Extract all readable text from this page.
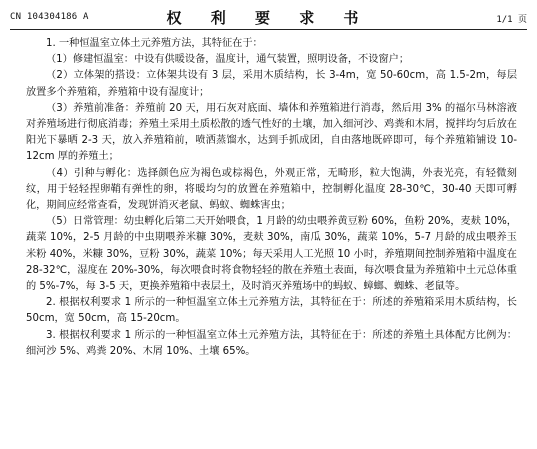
CN 104304186 A	权 利 要 求 书	1/1 页

1. 一种恒温室立体土元养殖方法，其特征在于：

（1）修建恒温室：中设有供暖设备，温度计，通气装置，照明设备，不设窗户；

（2）立体架的搭设：立体架共设有 3 层，采用木质结构，长 3-4m，宽 50-60cm，高 1.5-2m，每层放置多个养殖箱，养殖箱中设有湿度计；

（3）养殖前准备：养殖前 20 天，用石灰对底面、墙体和养殖箱进行消毒，然后用 3% 的福尔马林溶液对养殖场进行彻底消毒；养殖土采用土质松散的透气性好的土壤，加入细河沙、鸡粪和木屑，搅拌均匀后放在阳光下暴晒 2-3 天，放入养殖箱前，喷洒蒸馏水，达到手抓成团，自由落地既碎即可，每个养殖箱铺设 10-12cm 厚的养殖土；

（4）引种与孵化：选择颜色应为褐色或棕褐色，外观正常，无畸形，粒大饱满，外表光亮，有轻微刻纹，用于轻轻捏卵鞘有弹性的卵，将暖均匀的放置在养殖箱中，控制孵化温度 28-30℃，30-40 天即可孵化，期间应经常查看，发现饼消灭老鼠、蚂蚁、蜘蛛害虫；

（5）日常管理：幼虫孵化后第二天开始喂食，1 月龄的幼虫喂养黄豆粉 60%，鱼粉 20%，麦麸 10%，蔬菜 10%，2-5 月龄的中虫期喂养米糠 30%，麦麸 30%，南瓜 30%，蔬菜 10%，5-7 月龄的成虫喂养玉米粉 40%，米糠 30%，豆粉 30%，蔬菜 10%；每天采用人工光照 10 小时，养殖期间控制养殖箱中温度在 28-32℃，湿度在 20%-30%，每次喂食时将食物轻轻的散在养殖土表面，每次喂食量为养殖箱中土元总体重的 5%-7%，每 3-5 天，更换养殖箱中表层土，及时消灭养殖场中的蚂蚁、蟑螂、蜘蛛、老鼠等。

2. 根据权利要求 1 所示的一种恒温室立体土元养殖方法，其特征在于：所述的养殖箱采用木质结构，长 50cm，宽 50cm，高 15-20cm。

3. 根据权利要求 1 所示的一种恒温室立体土元养殖方法，其特征在于：所述的养殖土具体配方比例为：细河沙 5%、鸡粪 20%、木屑 10%、土壤 65%。
